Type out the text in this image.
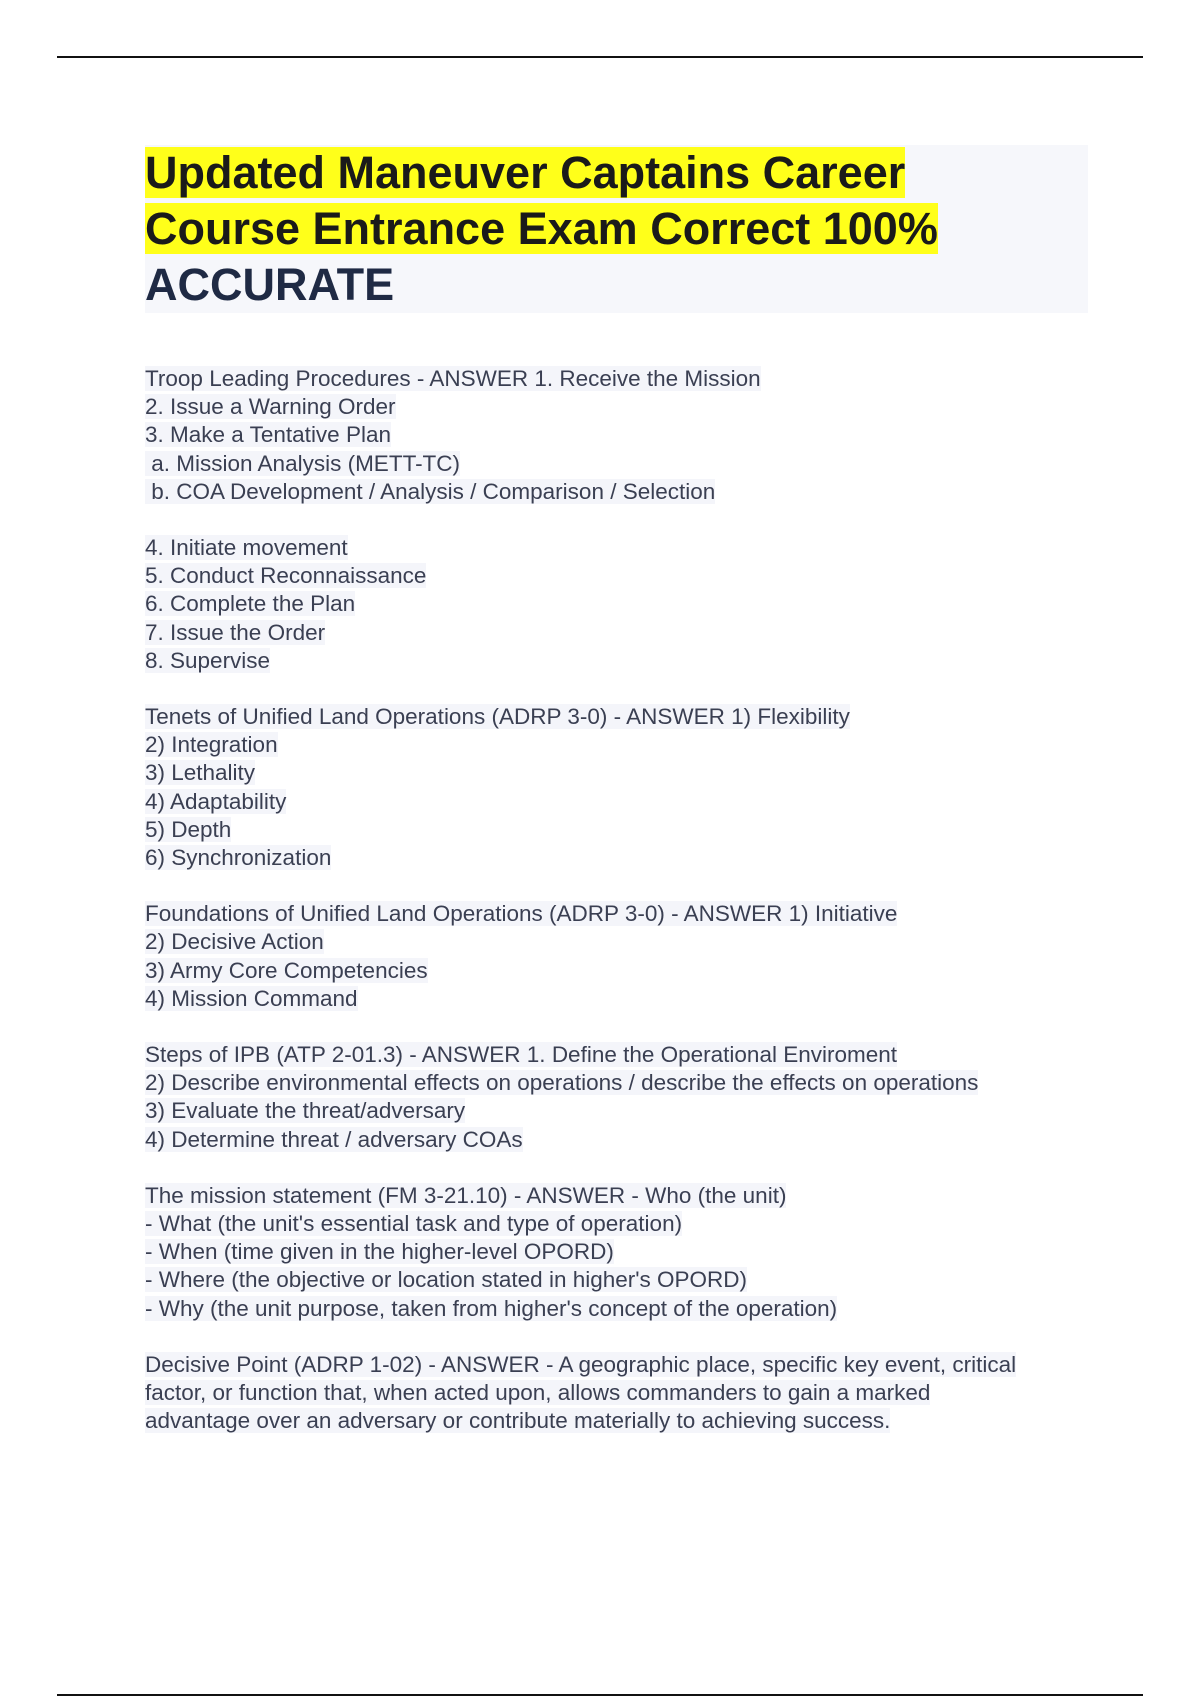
Updated Maneuver Captains Career
Course Entrance Exam Correct 100%
ACCURATE
Troop Leading Procedures - ANSWER 1. Receive the Mission
2. Issue a Warning Order
3. Make a Tentative Plan
a. Mission Analysis (METT-TC)
b. COA Development / Analysis / Comparison / Selection
4. Initiate movement
5. Conduct Reconnaissance
6. Complete the Plan
7. Issue the Order
8. Supervise
Tenets of Unified Land Operations (ADRP 3-0) - ANSWER 1) Flexibility
2) Integration
3) Lethality
4) Adaptability
5) Depth
6) Synchronization
Foundations of Unified Land Operations (ADRP 3-0) - ANSWER 1) Initiative
2) Decisive Action
3) Army Core Competencies
4) Mission Command
Steps of IPB (ATP 2-01.3) - ANSWER 1. Define the Operational Enviroment
2) Describe environmental effects on operations / describe the effects on operations
3) Evaluate the threat/adversary
4) Determine threat / adversary COAs
The mission statement (FM 3-21.10) - ANSWER - Who (the unit)
- What (the unit's essential task and type of operation)
- When (time given in the higher-level OPORD)
- Where (the objective or location stated in higher's OPORD)
- Why (the unit purpose, taken from higher's concept of the operation)
Decisive Point (ADRP 1-02) - ANSWER - A geographic place, specific key event, critical
factor, or function that, when acted upon, allows commanders to gain a marked
advantage over an adversary or contribute materially to achieving success.
